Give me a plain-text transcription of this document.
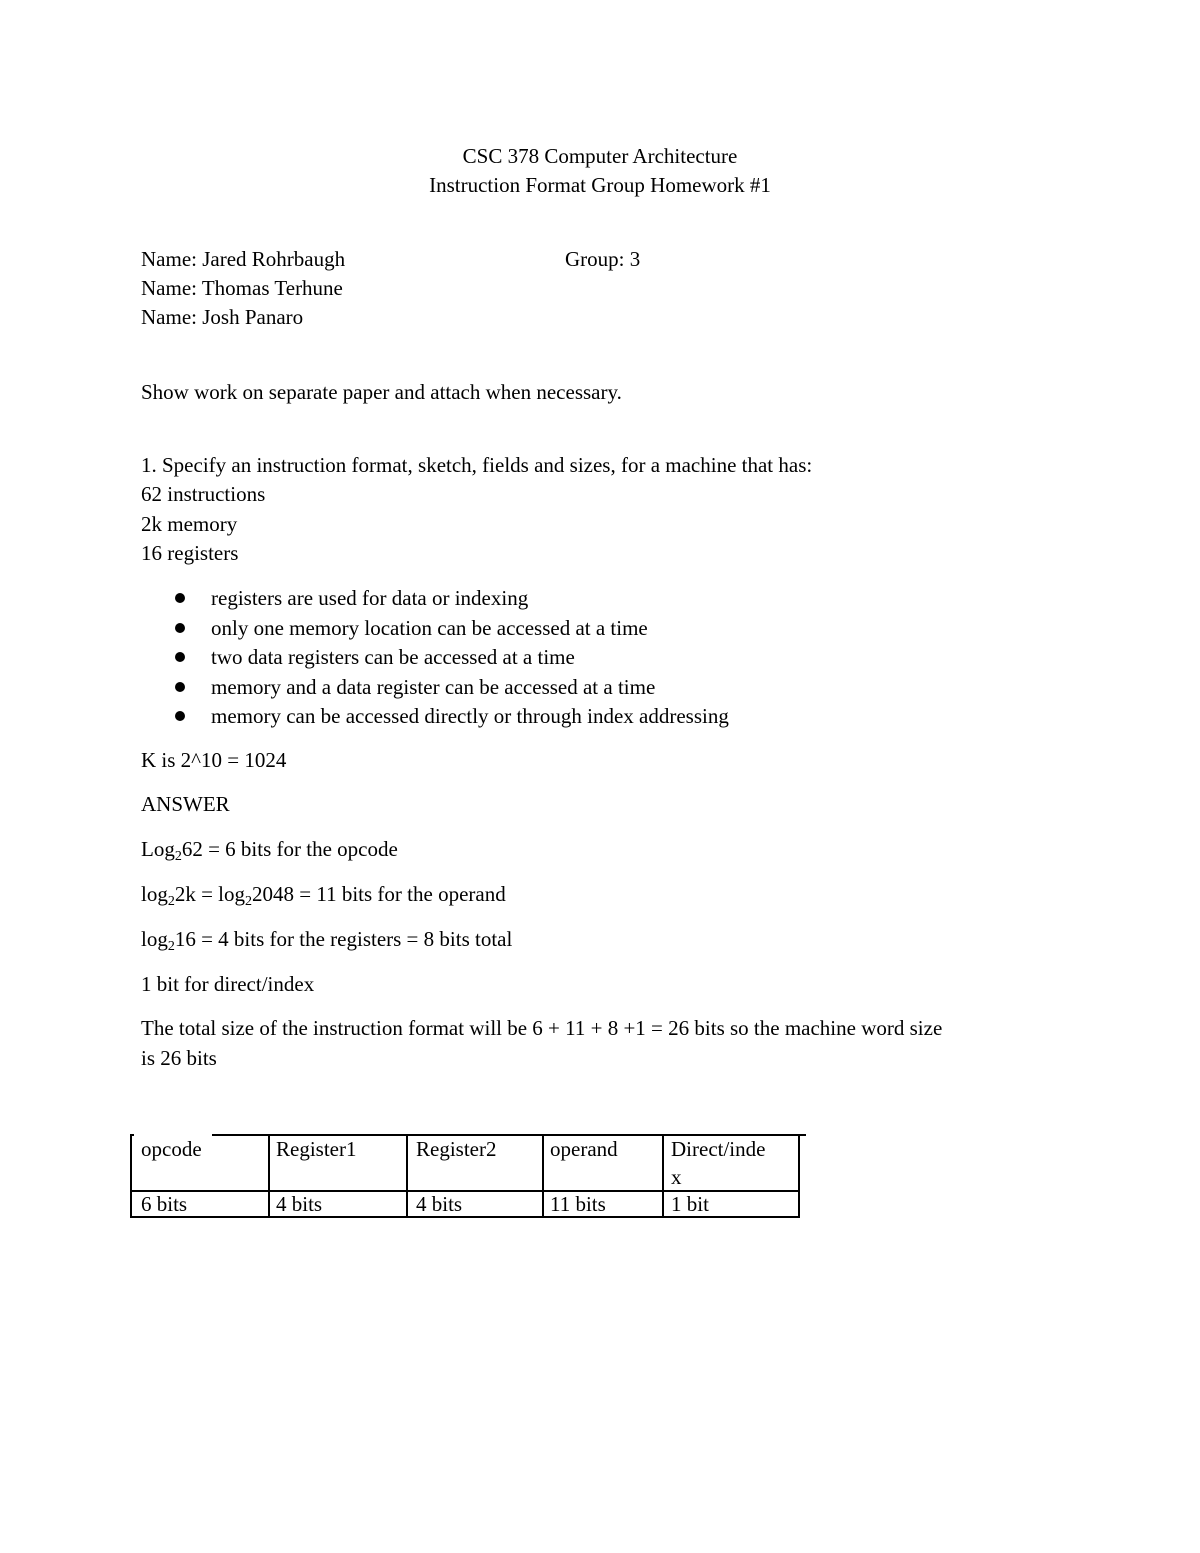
CSC 378 Computer Architecture
Instruction Format Group Homework #1
Name: Jared Rohrbaugh	Group: 3
Name: Thomas Terhune
Name: Josh Panaro
Show work on separate paper and attach when necessary.
1. Specify an instruction format, sketch, fields and sizes, for a machine that has:
62 instructions
2k memory
16 registers
registers are used for data or indexing
only one memory location can be accessed at a time
two data registers can be accessed at a time
memory and a data register can be accessed at a time
memory can be accessed directly or through index addressing
K is 2^10 = 1024
ANSWER
Log$_2$62 = 6 bits for the opcode
$\log_22k = \log_22048 = 11$ bits for the operand
$\log_216 = 4$ bits for the registers = 8 bits total
1 bit for direct/index
The total size of the instruction format will be 6 + 11 + 8 +1 = 26 bits so the machine word size
is 26 bits
opcode	Register1	Register2	operand	Direct/inde
x
6 bits	4 bits	4 bits	11 bits	1 bit
